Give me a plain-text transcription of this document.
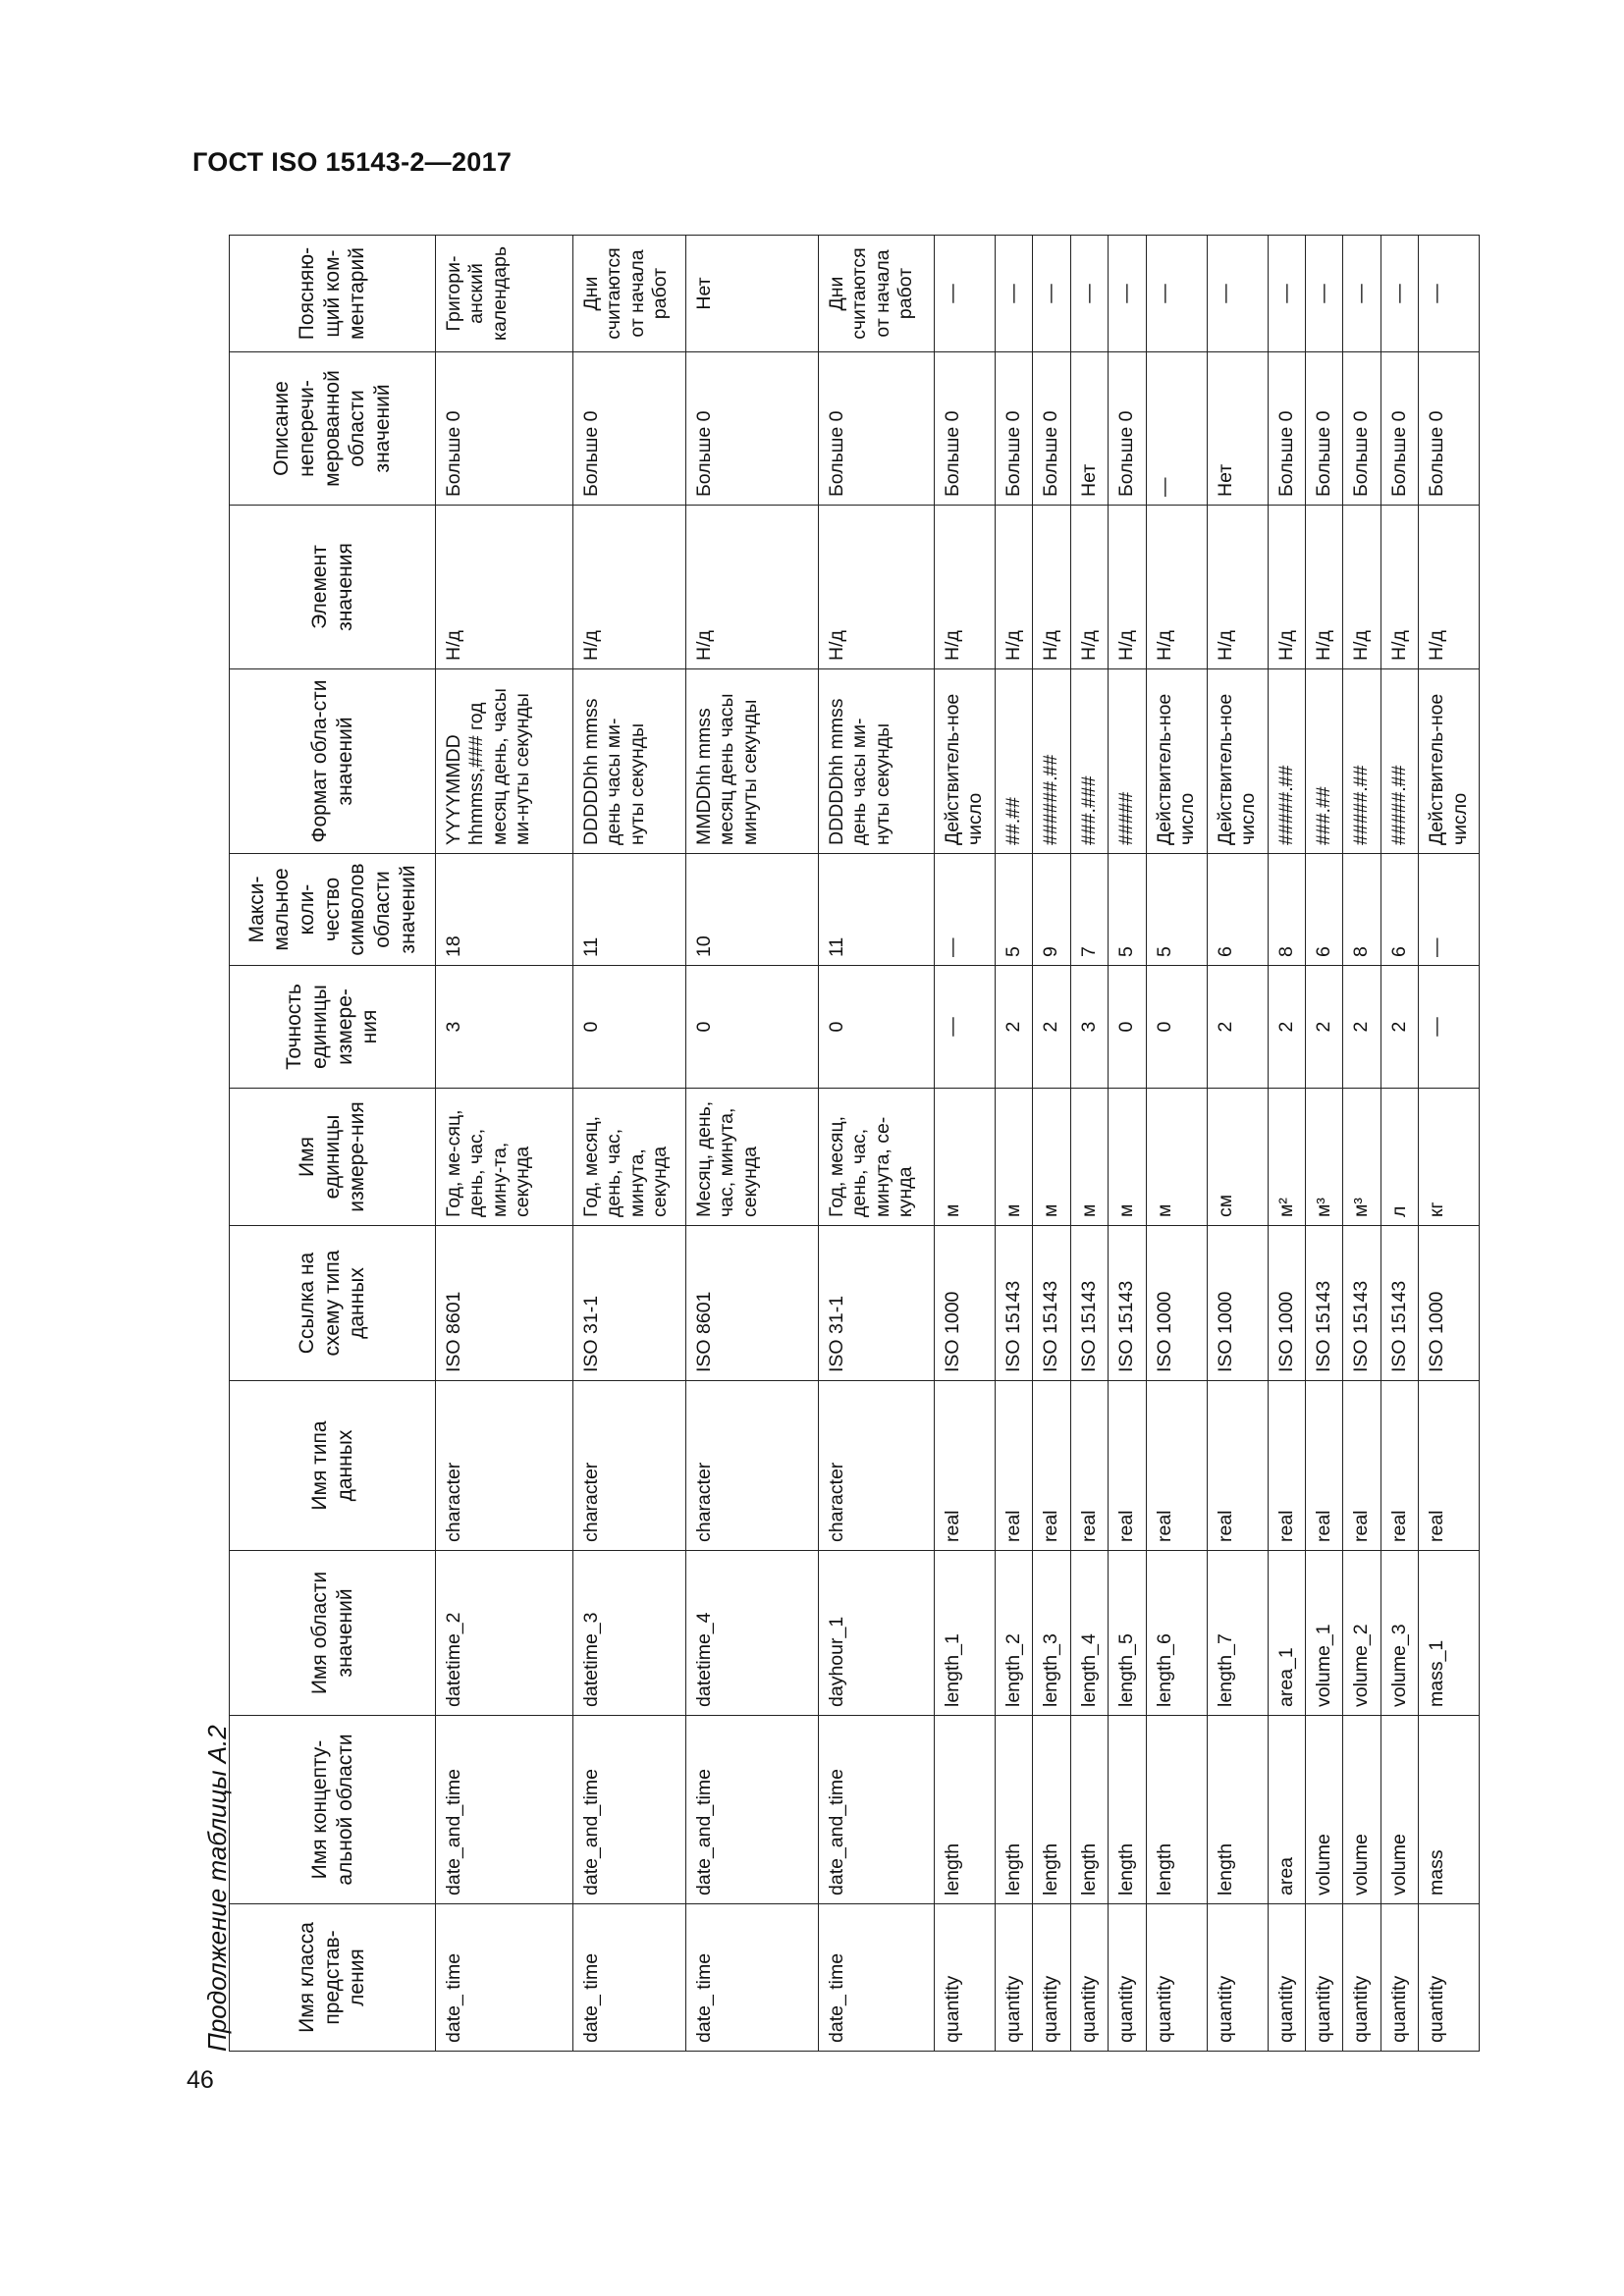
ГОСТ ISO 15143-2—2017
46
Продолжение таблицы А.2	Имя класса представ-ления	Имя концепту-альной области	Имя области значений	Имя типа данных	Ссылка на схему типа данных	Имя единицы измере-ния	Точность единицы измере-ния	Макси-мальное коли-чество символов области значений	Формат обла-сти значений	Элемент значения	Описание неперечи-мерованной области значений	Поясняю-щий ком-ментарий
date_ time	date_and_time	datetime_2	character	ISO 8601	Год, ме-сяц, день, час, мину-та, секунда	3	18	YYYYMMDD hhmmss,### год месяц день, часы ми-нуты секунды	Н/д	Больше 0	Григори-анский календарь
date_ time	date_and_time	datetime_3	character	ISO 31-1	Год, месяц, день, час, минута, секунда	0	11	DDDDDhh mmss день часы ми-нуты секунды	Н/д	Больше 0	Дни считаются от начала работ
date_ time	date_and_time	datetime_4	character	ISO 8601	Месяц, день, час, минута, секунда	0	10	MMDDhh mmss месяц день часы минуты секунды	Н/д	Больше 0	Нет
date_ time	date_and_time	dayhour_1	character	ISO 31-1	Год, месяц, день, час, минута, се-кунда	0	11	DDDDDhh mmss день часы ми-нуты секунды	Н/д	Больше 0	Дни считаются от начала работ
quantity	length	length_1	real	ISO 1000	м	—	—	Действитель-ное число	Н/д	Больше 0	—
quantity	length	length_2	real	ISO 15143	м	2	5	##.##	Н/д	Больше 0	—
quantity	length	length_3	real	ISO 15143	м	2	9	######.##	Н/д	Больше 0	—
quantity	length	length_4	real	ISO 15143	м	3	7	###.###	Н/д	Нет	—
quantity	length	length_5	real	ISO 15143	м	0	5	#####	Н/д	Больше 0	—
quantity	length	length_6	real	ISO 1000	м	0	5	Действитель-ное число	Н/д	—	—
quantity	length	length_7	real	ISO 1000	см	2	6	Действитель-ное число	Н/д	Нет	—
quantity	area	area_1	real	ISO 1000	м²	2	8	#####.##	Н/д	Больше 0	—
quantity	volume	volume_1	real	ISO 15143	м³	2	6	###.##	Н/д	Больше 0	—
quantity	volume	volume_2	real	ISO 15143	м³	2	8	#####.##	Н/д	Больше 0	—
quantity	volume	volume_3	real	ISO 15143	л	2	6	#####.##	Н/д	Больше 0	—
quantity	mass	mass_1	real	ISO 1000	кг	—	—	Действитель-ное число	Н/д	Больше 0	—
